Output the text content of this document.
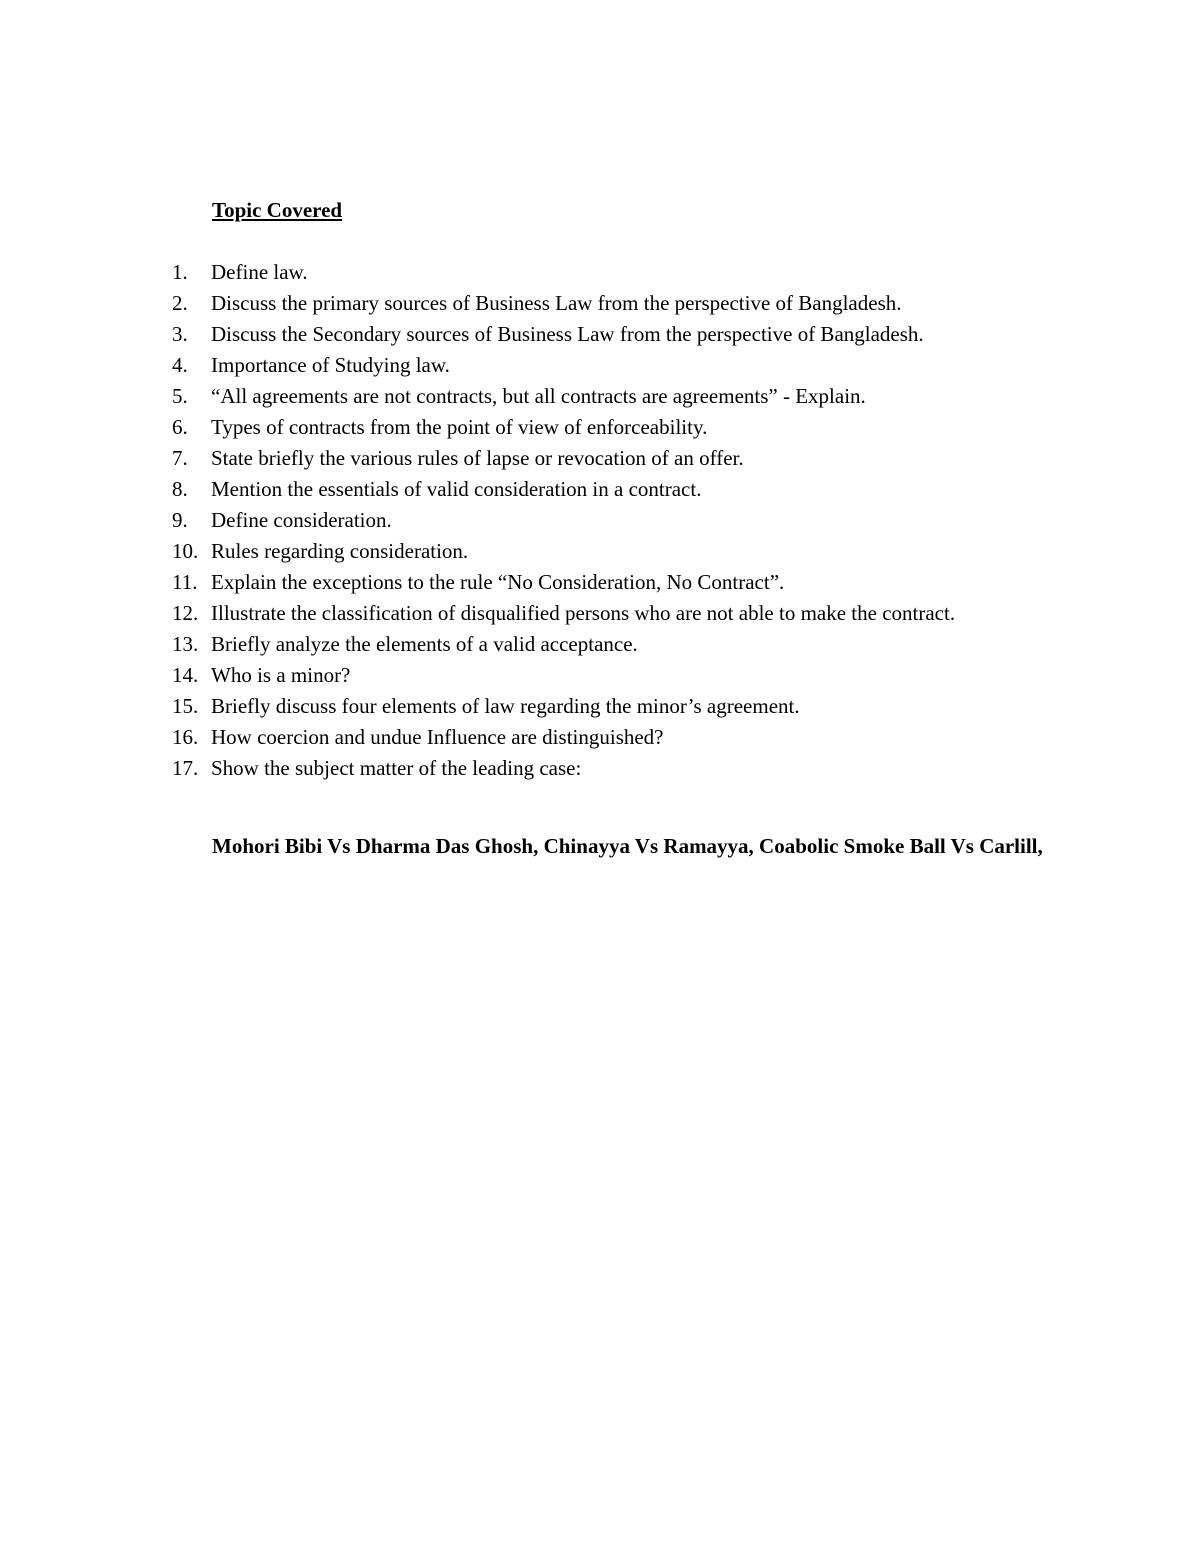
Topic Covered
1.	Define law.
2.	Discuss the primary sources of Business Law from the perspective of Bangladesh.
3.	Discuss the Secondary sources of Business Law from the perspective of Bangladesh.
4.	Importance of Studying law.
5.	“All agreements are not contracts, but all contracts are agreements” - Explain.
6.	Types of contracts from the point of view of enforceability.
7.	State briefly the various rules of lapse or revocation of an offer.
8.	Mention the essentials of valid consideration in a contract.
9.	Define consideration.
10. Rules regarding consideration.
11. Explain the exceptions to the rule “No Consideration, No Contract”.
12. Illustrate the classification of disqualified persons who are not able to make the contract.
13. Briefly analyze the elements of a valid acceptance.
14. Who is a minor?
15. Briefly discuss four elements of law regarding the minor’s agreement.
16. How coercion and undue Influence are distinguished?
17. Show the subject matter of the leading case:

Mohori Bibi Vs Dharma Das Ghosh, Chinayya Vs Ramayya, Coabolic Smoke Ball Vs Carlill,
